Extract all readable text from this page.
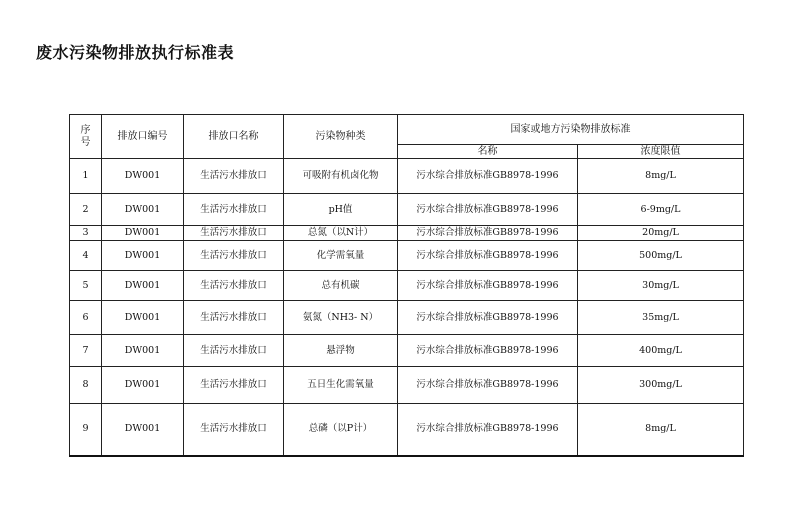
废水污染物排放执行标准表
序号	排放口编号	排放口名称	污染物种类	国家或地方污染物排放标准	
				名称	浓度限值
1	DW001	生活污水排放口	可吸附有机卤化物	污水综合排放标准GB8978-1996	8mg/L
2	DW001	生活污水排放口	pH值	污水综合排放标准GB8978-1996	6-9mg/L
3	DW001	生活污水排放口	总氮（以N计）	污水综合排放标准GB8978-1996	20mg/L
4	DW001	生活污水排放口	化学需氧量	污水综合排放标准GB8978-1996	500mg/L
5	DW001	生活污水排放口	总有机碳	污水综合排放标准GB8978-1996	30mg/L
6	DW001	生活污水排放口	氨氮（NH3- N）	污水综合排放标准GB8978-1996	35mg/L
7	DW001	生活污水排放口	悬浮物	污水综合排放标准GB8978-1996	400mg/L
8	DW001	生活污水排放口	五日生化需氧量	污水综合排放标准GB8978-1996	300mg/L
9	DW001	生活污水排放口	总磷（以P计）	污水综合排放标准GB8978-1996	8mg/L
